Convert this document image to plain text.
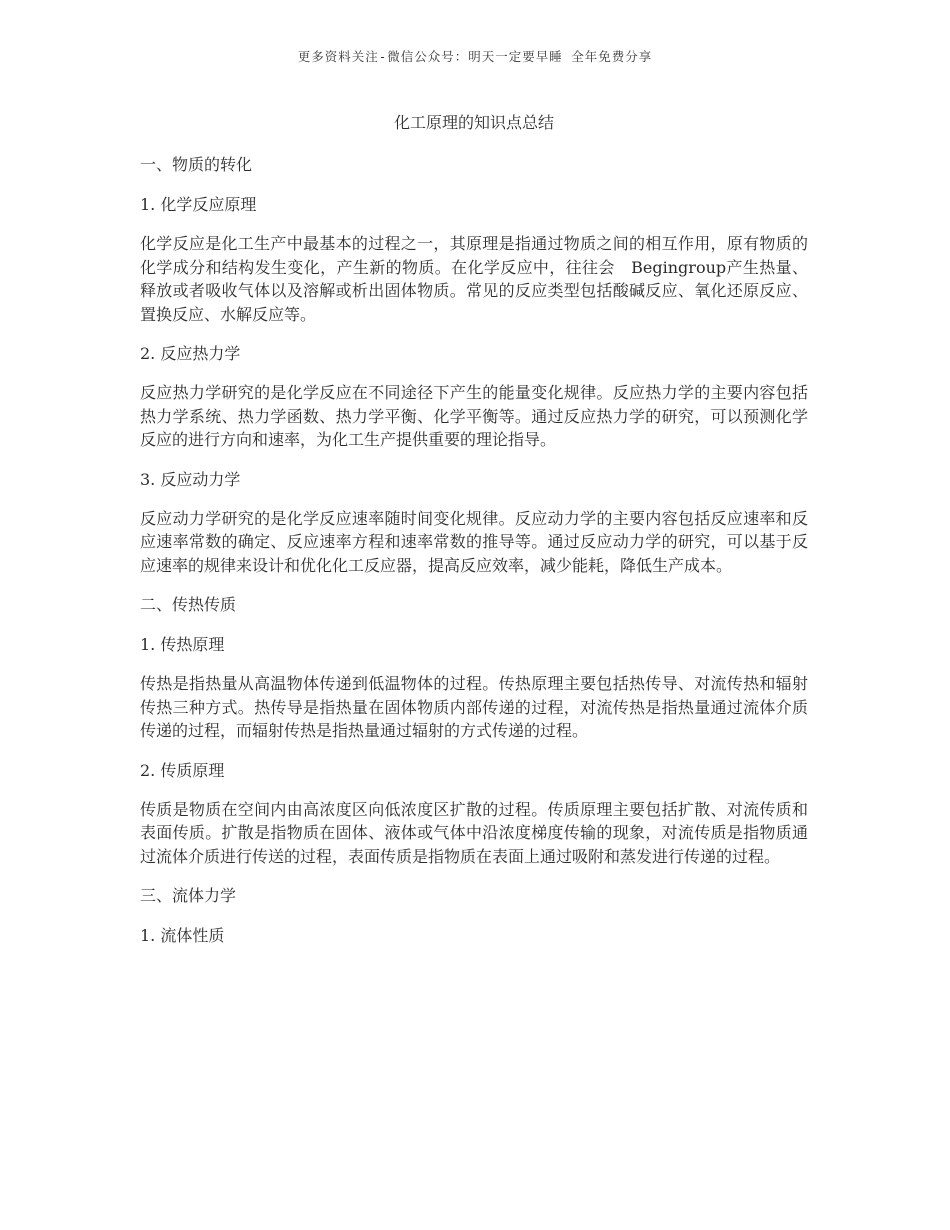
更多资料关注-微信公众号：明天一定要早睡 全年免费分享
化工原理的知识点总结
一、物质的转化
1. 化学反应原理
化学反应是化工生产中最基本的过程之一，其原理是指通过物质之间的相互作用，原有物质的化学成分和结构发生变化，产生新的物质。在化学反应中，往往会　Begingroup产生热量、释放或者吸收气体以及溶解或析出固体物质。常见的反应类型包括酸碱反应、氧化还原反应、置换反应、水解反应等。
2. 反应热力学
反应热力学研究的是化学反应在不同途径下产生的能量变化规律。反应热力学的主要内容包括热力学系统、热力学函数、热力学平衡、化学平衡等。通过反应热力学的研究，可以预测化学反应的进行方向和速率，为化工生产提供重要的理论指导。
3. 反应动力学
反应动力学研究的是化学反应速率随时间变化规律。反应动力学的主要内容包括反应速率和反应速率常数的确定、反应速率方程和速率常数的推导等。通过反应动力学的研究，可以基于反应速率的规律来设计和优化化工反应器，提高反应效率，减少能耗，降低生产成本。
二、传热传质
1. 传热原理
传热是指热量从高温物体传递到低温物体的过程。传热原理主要包括热传导、对流传热和辐射传热三种方式。热传导是指热量在固体物质内部传递的过程，对流传热是指热量通过流体介质传递的过程，而辐射传热是指热量通过辐射的方式传递的过程。
2. 传质原理
传质是物质在空间内由高浓度区向低浓度区扩散的过程。传质原理主要包括扩散、对流传质和表面传质。扩散是指物质在固体、液体或气体中沿浓度梯度传输的现象，对流传质是指物质通过流体介质进行传送的过程，表面传质是指物质在表面上通过吸附和蒸发进行传递的过程。
三、流体力学
1. 流体性质
